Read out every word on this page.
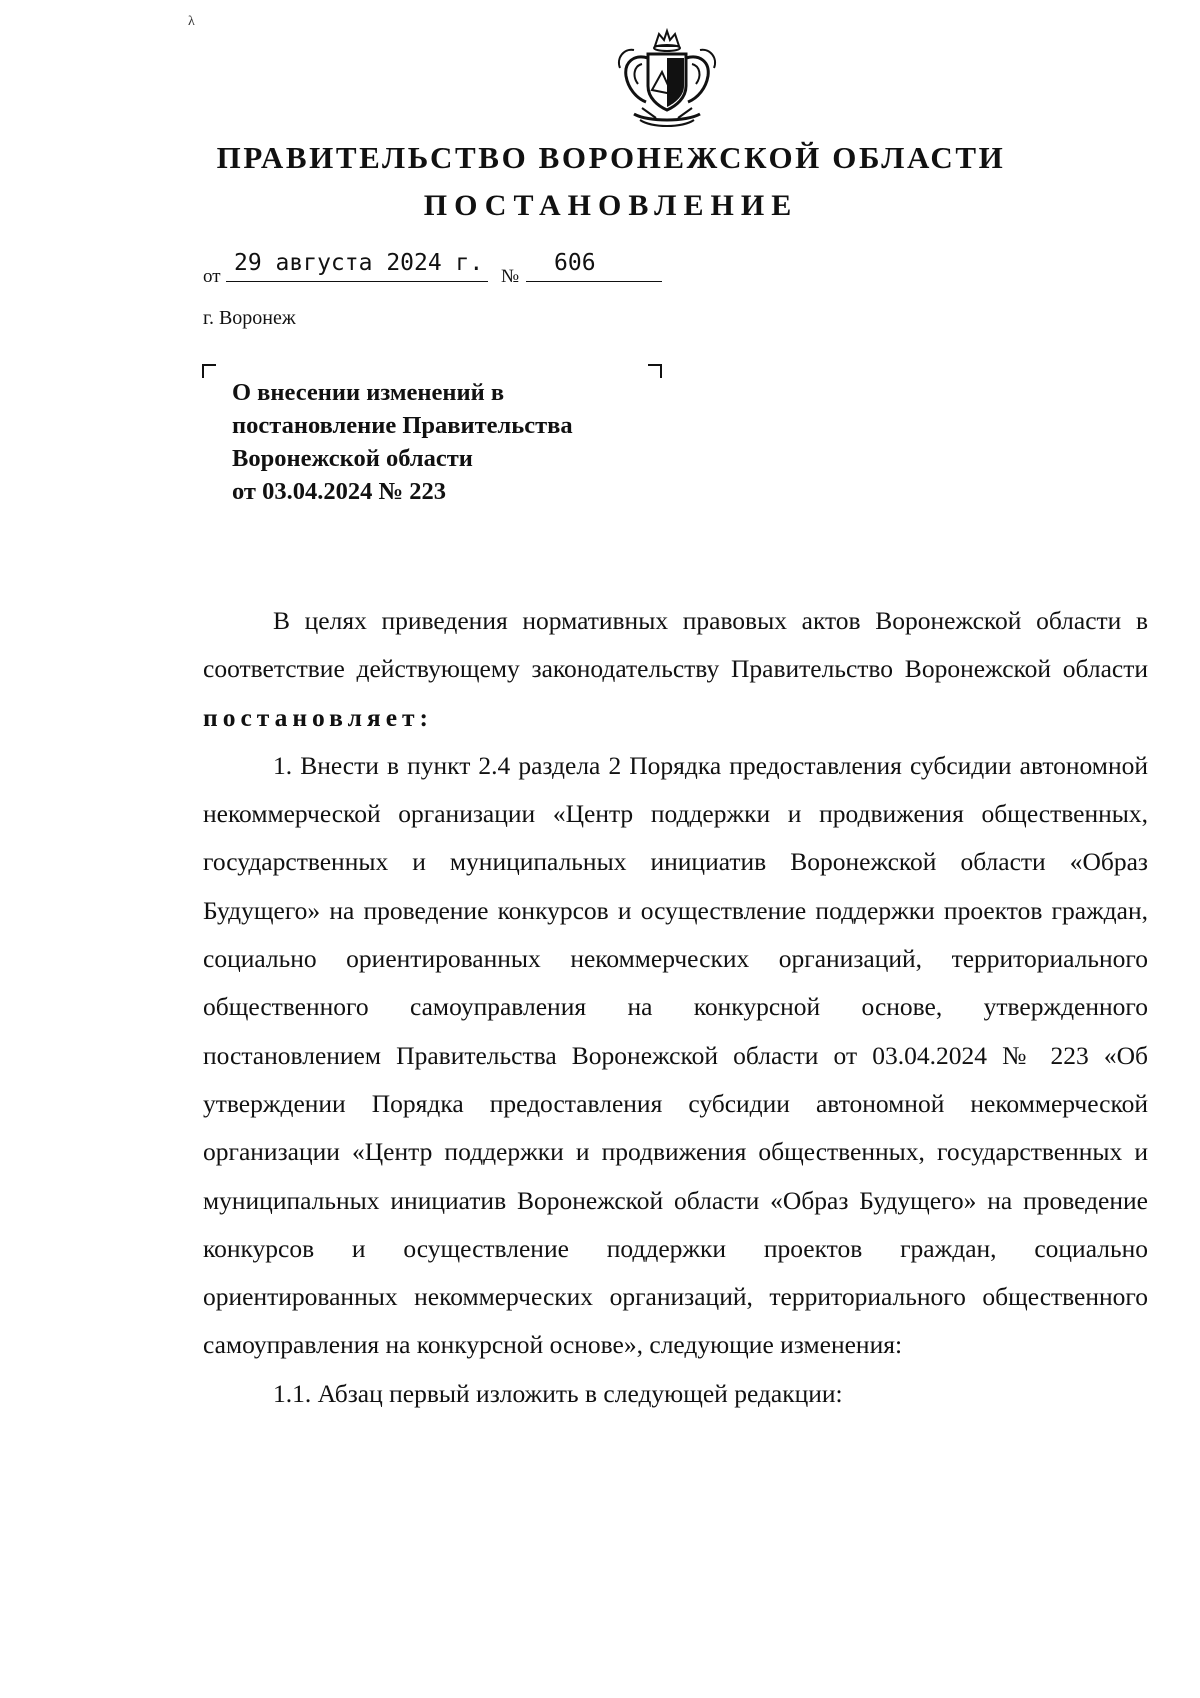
λ
ПРАВИТЕЛЬСТВО ВОРОНЕЖСКОЙ ОБЛАСТИ
ПОСТАНОВЛЕНИЕ
от
29 августа 2024 г.
№
606
г. Воронеж
О внесении изменений в
постановление Правительства
Воронежской области
от 03.04.2024 № 223

В целях приведения нормативных правовых актов Воронежской области в соответствие действующему законодательству Правительство Воронежской области постановляет:

1. Внести в пункт 2.4 раздела 2 Порядка предоставления субсидии автономной некоммерческой организации «Центр поддержки и продвижения общественных, государственных и муниципальных инициатив Воронежской области «Образ Будущего» на проведение конкурсов и осуществление поддержки проектов граждан, социально ориентированных некоммерческих организаций, территориального общественного самоуправления на конкурсной основе, утвержденного постановлением Правительства Воронежской области от 03.04.2024 № 223 «Об утверждении Порядка предоставления субсидии автономной некоммерческой организации «Центр поддержки и продвижения общественных, государственных и муниципальных инициатив Воронежской области «Образ Будущего» на проведение конкурсов и осуществление поддержки проектов граждан, социально ориентированных некоммерческих организаций, территориального общественного самоуправления на конкурсной основе», следующие изменения:

1.1. Абзац первый изложить в следующей редакции:
